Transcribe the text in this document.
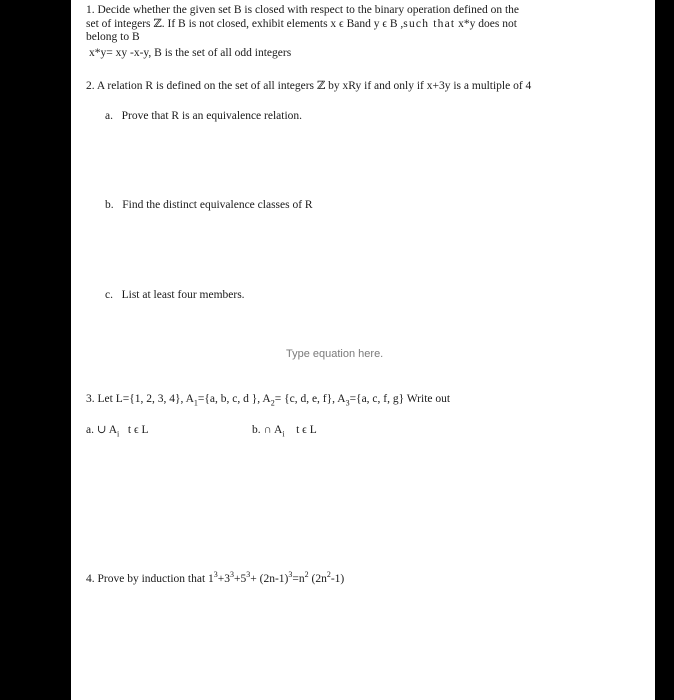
1. Decide whether the given set B is closed with respect to the binary operation defined on the
set of integers ℤ. If B is not closed, exhibit elements x ϵ Band y ϵ B ,such that x*y does not
belong to B
x*y= xy -x-y, B is the set of all odd integers
2. A relation R is defined on the set of all integers ℤ by xRy if and only if x+3y is a multiple of 4
a. Prove that R is an equivalence relation.
b. Find the distinct equivalence classes of R
c. List at least four members.
Type equation here.
3. Let L={1, 2, 3, 4}, $A_1=\{a$, b, c, d }, $A_2= \{c$, d, e, f}, $A_3=\{a$, c, f, g} Write out
a. ∪ $A_i$ t ϵ L	b. ∩ $A_i$ t ϵ L
4. Prove by induction that $1^3+3^3+5^3+ (2n-1)^3=n^2$ $(2n^2-1)$
